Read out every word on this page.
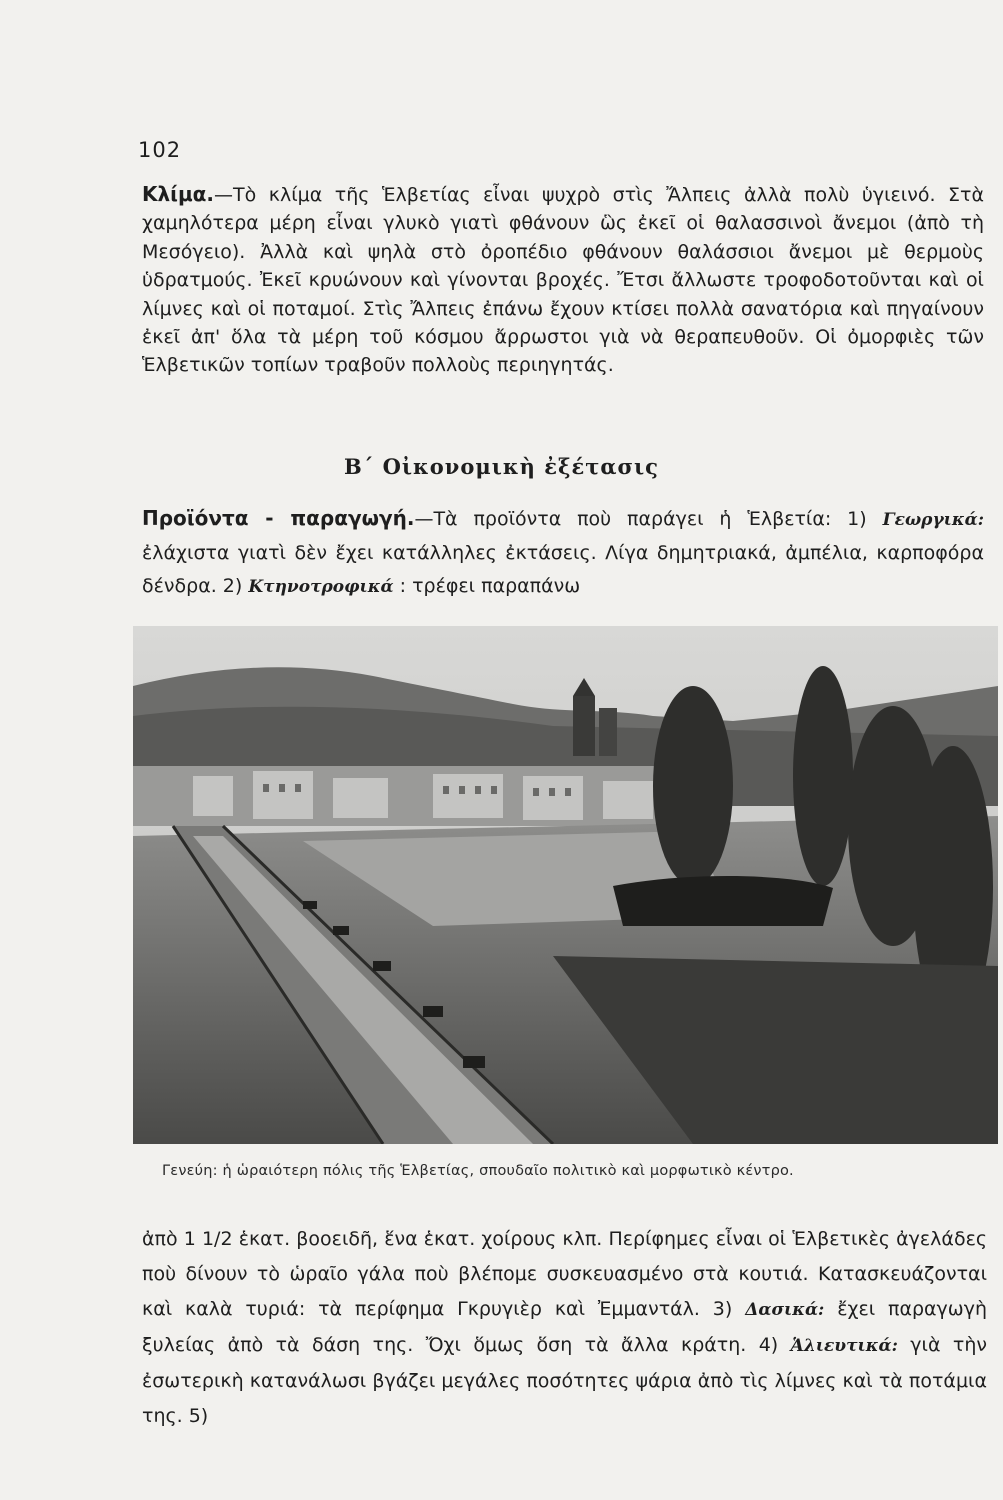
102

Κλίμα.—Τὸ κλίμα τῆς Ἑλβετίας εἶναι ψυχρὸ στὶς Ἄλπεις ἀλλὰ πολὺ ὑγιεινό. Στὰ χαμηλότερα μέρη εἶναι γλυκὸ γιατὶ φθάνουν ὣς ἐκεῖ οἱ θαλασσινοὶ ἄνεμοι (ἀπὸ τὴ Μεσόγειο). Ἀλλὰ καὶ ψηλὰ στὸ ὀροπέδιο φθάνουν θαλάσσιοι ἄνεμοι μὲ θερμοὺς ὑδρατμούς. Ἐκεῖ κρυώνουν καὶ γίνονται βροχές. Ἔτσι ἄλλωστε τροφοδοτοῦνται καὶ οἱ λίμνες καὶ οἱ ποταμοί. Στὶς Ἄλπεις ἐπάνω ἔχουν κτίσει πολλὰ σανατόρια καὶ πηγαίνουν ἐκεῖ ἀπ' ὅλα τὰ μέρη τοῦ κόσμου ἄρρωστοι γιὰ νὰ θεραπευθοῦν. Οἱ ὀμορφιὲς τῶν Ἑλβετικῶν τοπίων τραβοῦν πολλοὺς περιηγητάς.

Β΄ Οἰκονομικὴ ἐξέτασις

Προϊόντα - παραγωγή.—Τὰ προϊόντα ποὺ παράγει ἡ Ἑλβετία: 1) Γεωργικά: ἐλάχιστα γιατὶ δὲν ἔχει κατάλληλες ἐκτάσεις. Λίγα δημητριακά, ἀμπέλια, καρποφόρα δένδρα. 2) Κτηνοτροφικά : τρέφει παραπάνω

Γενεύη: ἡ ὡραιότερη πόλις τῆς Ἑλβετίας, σπουδαῖο πολιτικὸ καὶ μορφωτικὸ κέντρο.

ἀπὸ 1 1/2 ἑκατ. βοοειδῆ, ἕνα ἑκατ. χοίρους κλπ. Περίφημες εἶναι οἱ Ἑλβετικὲς ἀγελάδες ποὺ δίνουν τὸ ὡραῖο γάλα ποὺ βλέπομε συσκευασμένο στὰ κουτιά. Κατασκευάζονται καὶ καλὰ τυριά: τὰ περίφημα Γκρυγιὲρ καὶ Ἐμμαντάλ. 3) Δασικά: ἔχει παραγωγὴ ξυλείας ἀπὸ τὰ δάση της. Ὄχι ὅμως ὅση τὰ ἄλλα κράτη. 4) Ἁλιευτικά: γιὰ τὴν ἐσωτερικὴ κατανάλωσι βγάζει μεγάλες ποσότητες ψάρια ἀπὸ τὶς λίμνες καὶ τὰ ποτάμια της. 5)
